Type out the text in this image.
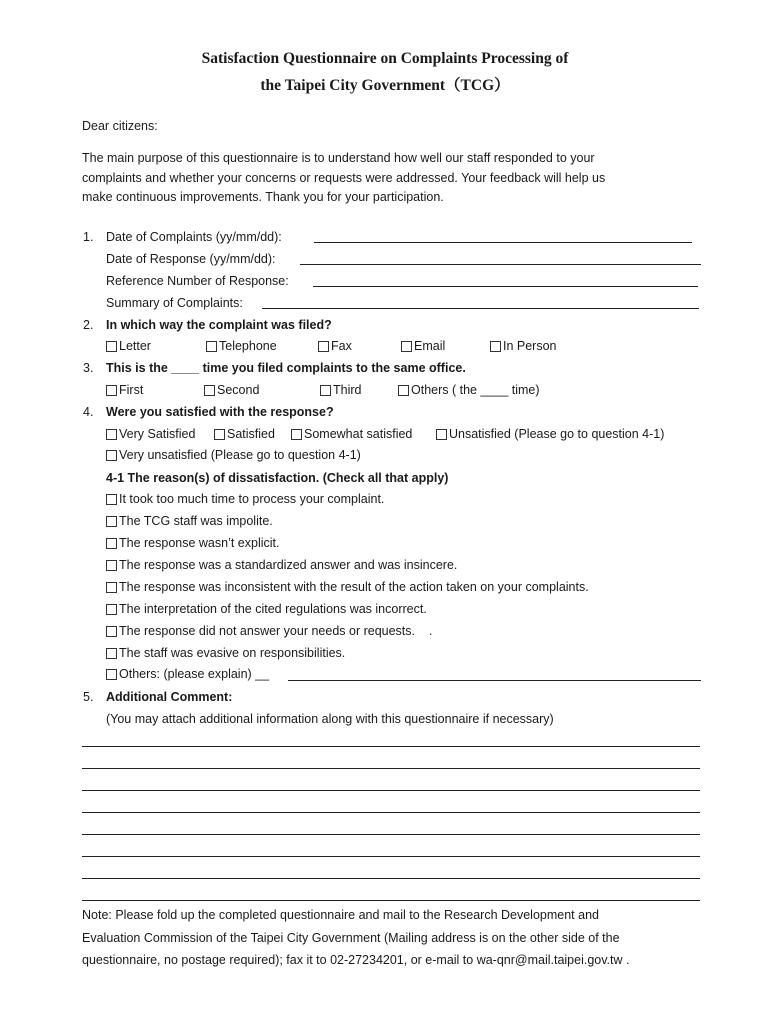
Satisfaction Questionnaire on Complaints Processing of
the Taipei City Government（TCG）
Dear citizens:
The main purpose of this questionnaire is to understand how well our staff responded to your
complaints and whether your concerns or requests were addressed. Your feedback will help us
make continuous improvements. Thank you for your participation.
1. Date of Complaints (yy/mm/dd):
Date of Response (yy/mm/dd):
Reference Number of Response:
Summary of Complaints:
2. In which way the complaint was filed?
Letter	Telephone	Fax	Email	In Person
3. This is the ____ time you filed complaints to the same office.
First	Second	Third	Others ( the ____ time)
4. Were you satisfied with the response?
Very Satisfied	Satisfied	Somewhat satisfied	Unsatisfied (Please go to question 4-1)
Very unsatisfied (Please go to question 4-1)
4-1 The reason(s) of dissatisfaction. (Check all that apply)
It took too much time to process your complaint.
The TCG staff was impolite.
The response wasn’t explicit.
The response was a standardized answer and was insincere.
The response was inconsistent with the result of the action taken on your complaints.
The interpretation of the cited regulations was incorrect.
The response did not answer your needs or requests.    .
The staff was evasive on responsibilities.
Others: (please explain) __
5. Additional Comment:
(You may attach additional information along with this questionnaire if necessary)
Note: Please fold up the completed questionnaire and mail to the Research Development and
Evaluation Commission of the Taipei City Government (Mailing address is on the other side of the
questionnaire, no postage required); fax it to 02-27234201, or e-mail to wa-qnr@mail.taipei.gov.tw .
